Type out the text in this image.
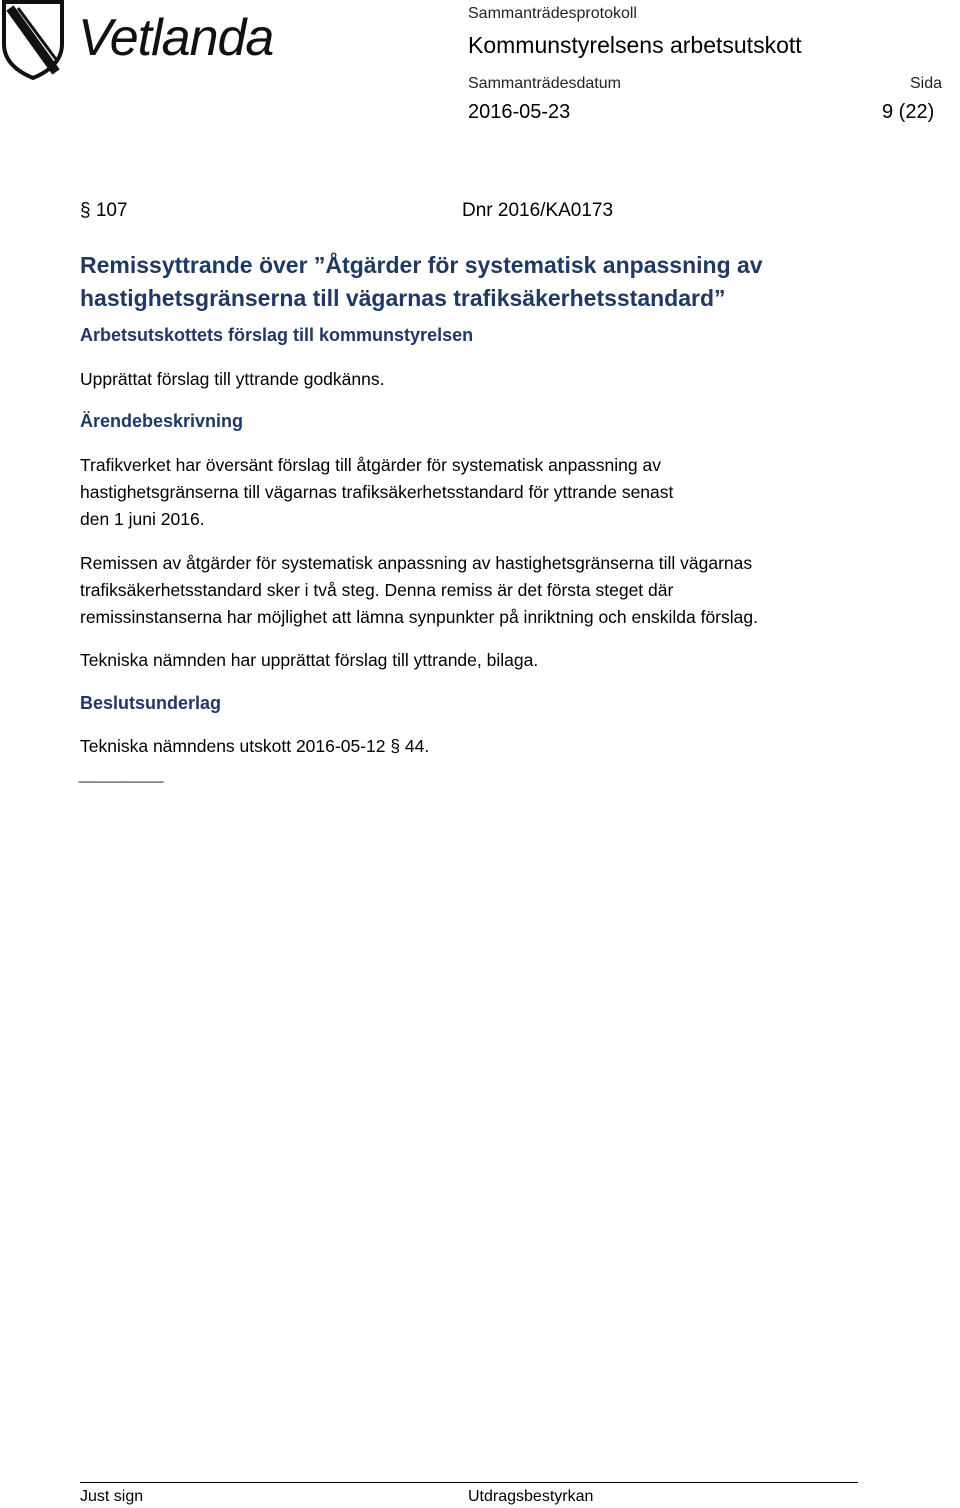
Vetlanda	Sammanträdesprotokoll
Kommunstyrelsens arbetsutskott
Sammanträdesdatum	Sida
2016-05-23	9 (22)
§ 107	Dnr 2016/KA0173
Remissyttrande över ”Åtgärder för systematisk anpassning av
hastighetsgränserna till vägarnas trafiksäkerhetsstandard”
Arbetsutskottets förslag till kommunstyrelsen
Upprättat förslag till yttrande godkänns.
Ärendebeskrivning
Trafikverket har översänt förslag till åtgärder för systematisk anpassning av
hastighetsgränserna till vägarnas trafiksäkerhetsstandard för yttrande senast
den 1 juni 2016.
Remissen av åtgärder för systematisk anpassning av hastighetsgränserna till vägarnas
trafiksäkerhetsstandard sker i två steg. Denna remiss är det första steget där
remissinstanserna har möjlighet att lämna synpunkter på inriktning och enskilda förslag.
Tekniska nämnden har upprättat förslag till yttrande, bilaga.
Beslutsunderlag
Tekniska nämndens utskott 2016-05-12 § 44.
--------------------------------
Just sign	Utdragsbestyrkan
